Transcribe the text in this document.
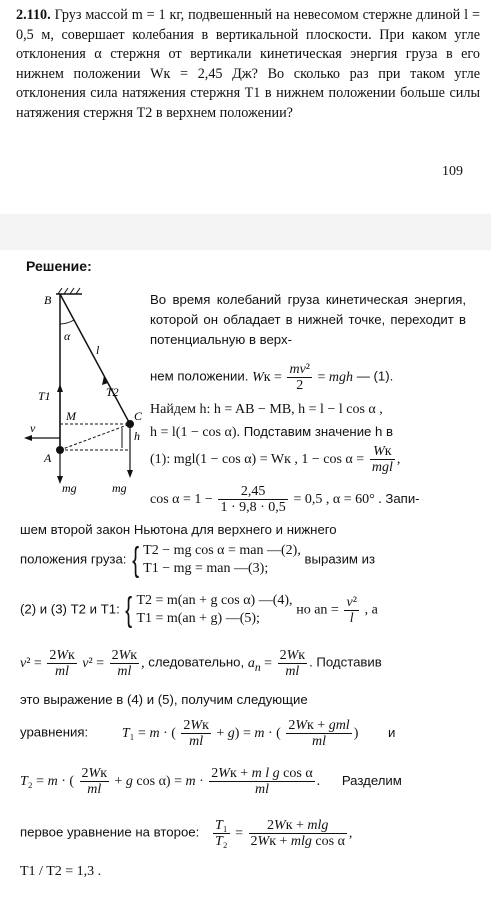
2.110. Груз массой m = 1 кг, подвешенный на невесомом стержне длиной l = 0,5 м, совершает колебания в вертикальной плоскости. При каком угле отклонения α стержня от вертикали кинетическая энергия груза в его нижнем положении Wк = 2,45 Дж? Во сколько раз при таком угле отклонения сила натяжения стержня T1 в нижнем положении больше силы натяжения стержня T2 в верхнем положении?
109
Решение:
B
α
l
T2
T1
M	C
h
v
A
mg	mg
Во время колебаний груза кинетическая энергия, которой он обладает в нижней точке, переходит в потенциальную в верх-
нем положении. Wк = $\frac{\text{mv²}}{2}$ = mgh — (1).
Найдем h: h = AB − MB, h = l − l cos α ,
h = l(1 − cos α). Подставим значение h в
(1): mgl(1 − cos α) = Wк , $1 - \cos \alpha = \frac{Wк}{\text{mgl}}$ ,
$\cos \alpha = 1 - \frac{2,45}{1 \cdot 9,8 \cdot 0,5} = 0,5$ , α = 60° . Запи-
шем второй закон Ньютона для верхнего и нижнего
положения груза: { T2 − mg cos α = man —(2),
T1 − mg = man —(3);
выразим из
(2) и (3) T2 и T1: { T2 = m(an + g cos α) —(4),
T1 = m(an + g) —(5);
но an = $\frac{\text{v²}}{l}$ , а
$v^2 = \frac{2Wк}{ml} v^2 = \frac{2Wк}{ml}$ , следовательно, $a_n = \frac{2Wк}{ml}$ . Подставив
это выражение в (4) и (5), получим следующие
уравнения: T₁ = m · ( $\frac{2Wк}{ml} + g) = m$ · ( $\frac{\text{2Wк + gml}}{ml}$ ) и
T₂ = m · ( $\frac{2Wк}{ml} + g$ $\cos \alpha) = m \cdot \frac{\text{2Wк + m l g cos α}}{ml}$ . Разделим
первое уравнение на второе: $\frac{\text{T₁}}{\text{T₂}} = \frac{2Wк + mlg}{\text{2Wк + mlg cos α}}$ ,
T1 / T2 = 1,3 .
